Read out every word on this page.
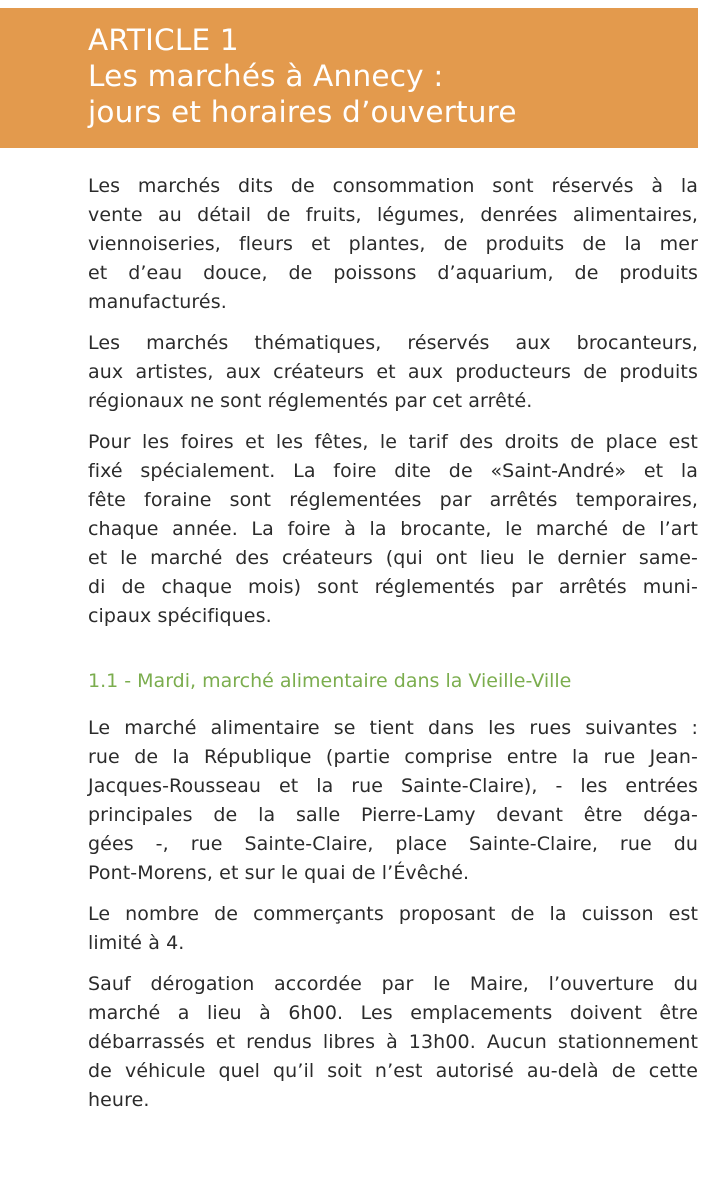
ARTICLE 1
Les marchés à Annecy :
jours et horaires d’ouverture
Les marchés dits de consommation sont réservés à la
vente au détail de fruits, légumes, denrées alimentaires,
viennoiseries, fleurs et plantes, de produits de la mer
et d’eau douce, de poissons d’aquarium, de produits
manufacturés.
Les marchés thématiques, réservés aux brocanteurs,
aux artistes, aux créateurs et aux producteurs de produits
régionaux ne sont réglementés par cet arrêté.
Pour les foires et les fêtes, le tarif des droits de place est
fixé spécialement. La foire dite de «Saint-André» et la
fête foraine sont réglementées par arrêtés temporaires,
chaque année. La foire à la brocante, le marché de l’art
et le marché des créateurs (qui ont lieu le dernier same-
di de chaque mois) sont réglementés par arrêtés muni-
cipaux spécifiques.
1.1 - Mardi, marché alimentaire dans la Vieille-Ville
Le marché alimentaire se tient dans les rues suivantes :
rue de la République (partie comprise entre la rue Jean-
Jacques-Rousseau et la rue Sainte-Claire), - les entrées
principales de la salle Pierre-Lamy devant être déga-
gées -, rue Sainte-Claire, place Sainte-Claire, rue du
Pont-Morens, et sur le quai de l’Évêché.
Le nombre de commerçants proposant de la cuisson est
limité à 4.
Sauf dérogation accordée par le Maire, l’ouverture du
marché a lieu à 6h00. Les emplacements doivent être
débarrassés et rendus libres à 13h00. Aucun stationnement
de véhicule quel qu’il soit n’est autorisé au-delà de cette
heure.
